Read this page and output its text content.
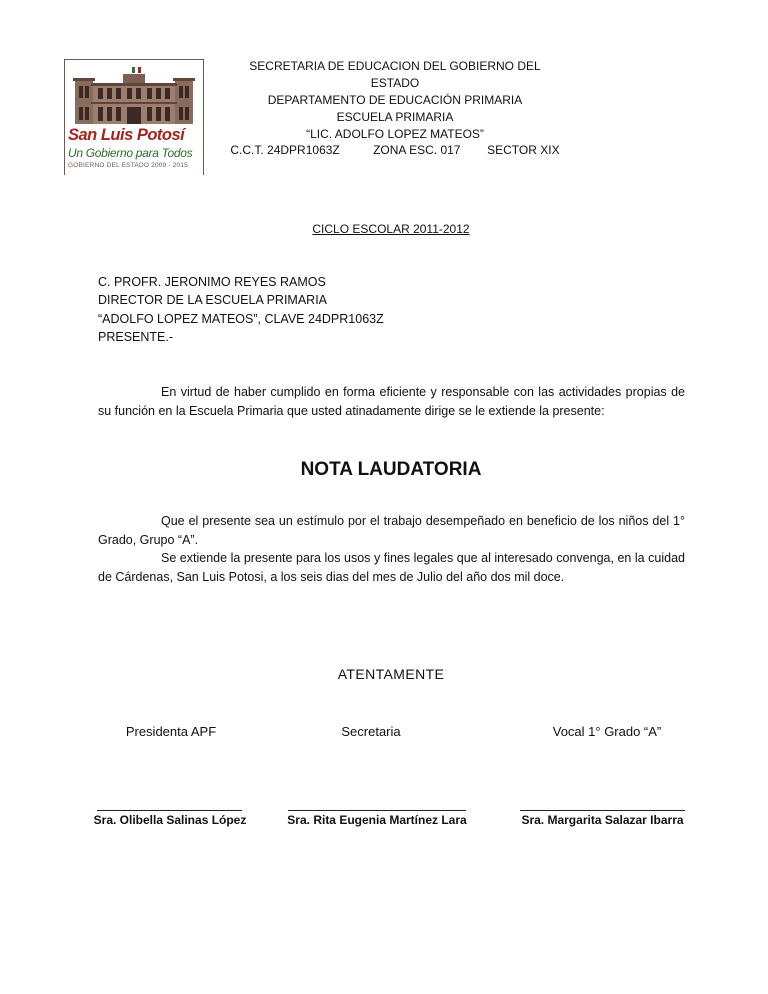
San Luis Potosí
Un Gobierno para Todos
GOBIERNO DEL ESTADO 2009 - 2015
SECRETARIA DE EDUCACION DEL GOBIERNO DEL
ESTADO
DEPARTAMENTO DE EDUCACIÓN PRIMARIA
ESCUELA PRIMARIA
“LIC. ADOLFO LOPEZ MATEOS”
C.C.T. 24DPR1063Z          ZONA ESC. 017        SECTOR XIX
CICLO ESCOLAR 2011-2012
C. PROFR. JERONIMO REYES RAMOS
DIRECTOR DE LA ESCUELA PRIMARIA
“ADOLFO LOPEZ MATEOS”, CLAVE 24DPR1063Z
PRESENTE.-
En virtud de haber cumplido en forma eficiente y responsable con las actividades propias de su función en la Escuela Primaria que usted atinadamente dirige se le extiende la presente:
NOTA LAUDATORIA
Que el presente sea un estímulo por el trabajo desempeñado en beneficio de los niños del 1° Grado, Grupo “A”.
Se extiende la presente para los usos y fines legales que al interesado convenga, en la cuidad de Cárdenas, San Luis Potosi, a los seis dias del mes de Julio del año dos mil doce.
ATENTAMENTE
Presidenta APF	Secretaria	Vocal 1° Grado “A”
Sra. Olibella Salinas López	Sra. Rita Eugenia Martínez Lara	Sra. Margarita Salazar Ibarra
